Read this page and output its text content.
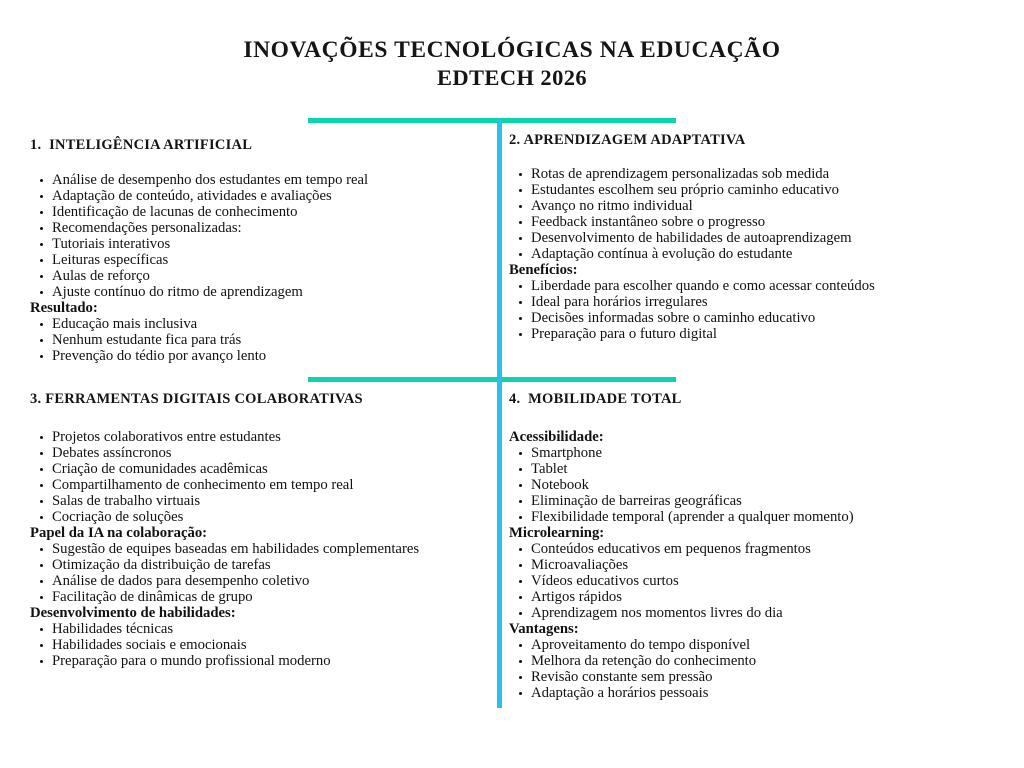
INOVAÇÕES TECNOLÓGICAS NA EDUCAÇÃO
EDTECH 2026
1.  INTELIGÊNCIA ARTIFICIAL
Análise de desempenho dos estudantes em tempo real
Adaptação de conteúdo, atividades e avaliações
Identificação de lacunas de conhecimento
Recomendações personalizadas:
Tutoriais interativos
Leituras específicas
Aulas de reforço
Ajuste contínuo do ritmo de aprendizagem
Resultado:
Educação mais inclusiva
Nenhum estudante fica para trás
Prevenção do tédio por avanço lento
2. APRENDIZAGEM ADAPTATIVA
Rotas de aprendizagem personalizadas sob medida
Estudantes escolhem seu próprio caminho educativo
Avanço no ritmo individual
Feedback instantâneo sobre o progresso
Desenvolvimento de habilidades de autoaprendizagem
Adaptação contínua à evolução do estudante
Benefícios:
Liberdade para escolher quando e como acessar conteúdos
Ideal para horários irregulares
Decisões informadas sobre o caminho educativo
Preparação para o futuro digital
3. FERRAMENTAS DIGITAIS COLABORATIVAS
Projetos colaborativos entre estudantes
Debates assíncronos
Criação de comunidades acadêmicas
Compartilhamento de conhecimento em tempo real
Salas de trabalho virtuais
Cocriação de soluções
Papel da IA na colaboração:
Sugestão de equipes baseadas em habilidades complementares
Otimização da distribuição de tarefas
Análise de dados para desempenho coletivo
Facilitação de dinâmicas de grupo
Desenvolvimento de habilidades:
Habilidades técnicas
Habilidades sociais e emocionais
Preparação para o mundo profissional moderno
4.  MOBILIDADE TOTAL
Acessibilidade:
Smartphone
Tablet
Notebook
Eliminação de barreiras geográficas
Flexibilidade temporal (aprender a qualquer momento)
Microlearning:
Conteúdos educativos em pequenos fragmentos
Microavaliações
Vídeos educativos curtos
Artigos rápidos
Aprendizagem nos momentos livres do dia
Vantagens:
Aproveitamento do tempo disponível
Melhora da retenção do conhecimento
Revisão constante sem pressão
Adaptação a horários pessoais
